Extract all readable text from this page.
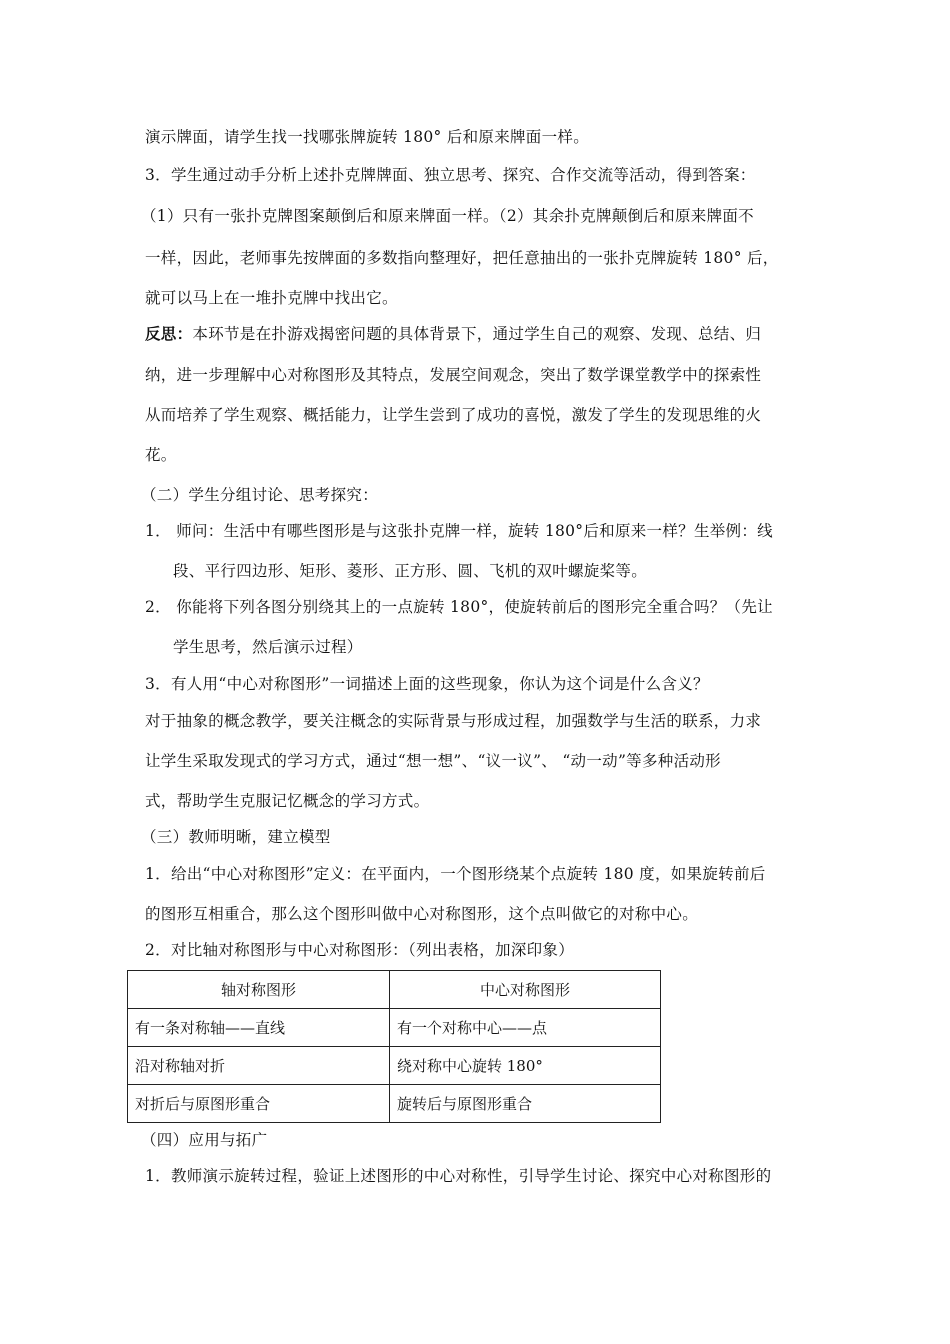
演示牌面，请学生找一找哪张牌旋转 180° 后和原来牌面一样。
3．学生通过动手分析上述扑克牌牌面、独立思考、探究、合作交流等活动，得到答案：
（1）只有一张扑克牌图案颠倒后和原来牌面一样。（2）其余扑克牌颠倒后和原来牌面不
一样，因此，老师事先按牌面的多数指向整理好，把任意抽出的一张扑克牌旋转 180° 后，
就可以马上在一堆扑克牌中找出它。
反思：本环节是在扑游戏揭密问题的具体背景下，通过学生自己的观察、发现、总结、归
纳，进一步理解中心对称图形及其特点，发展空间观念，突出了数学课堂教学中的探索性
从而培养了学生观察、概括能力，让学生尝到了成功的喜悦，激发了学生的发现思维的火
花。
（二）学生分组讨论、思考探究：
1． 师问：生活中有哪些图形是与这张扑克牌一样，旋转 180°后和原来一样？生举例：线
段、平行四边形、矩形、菱形、正方形、圆、飞机的双叶螺旋桨等。
2． 你能将下列各图分别绕其上的一点旋转 180°，使旋转前后的图形完全重合吗？（先让
学生思考，然后演示过程）
3．有人用“中心对称图形”一词描述上面的这些现象，你认为这个词是什么含义？
对于抽象的概念教学，要关注概念的实际背景与形成过程，加强数学与生活的联系，力求
让学生采取发现式的学习方式，通过“想一想”、“议一议”、 “动一动”等多种活动形
式，帮助学生克服记忆概念的学习方式。
（三）教师明晰，建立模型
1．给出“中心对称图形”定义：在平面内，一个图形绕某个点旋转 180 度，如果旋转前后
的图形互相重合，那么这个图形叫做中心对称图形，这个点叫做它的对称中心。
2．对比轴对称图形与中心对称图形：（列出表格，加深印象）
轴对称图形	中心对称图形
有一条对称轴——直线	有一个对称中心——点
沿对称轴对折	绕对称中心旋转 180°
对折后与原图形重合	旋转后与原图形重合
（四）应用与拓广
1．教师演示旋转过程，验证上述图形的中心对称性，引导学生讨论、探究中心对称图形的
